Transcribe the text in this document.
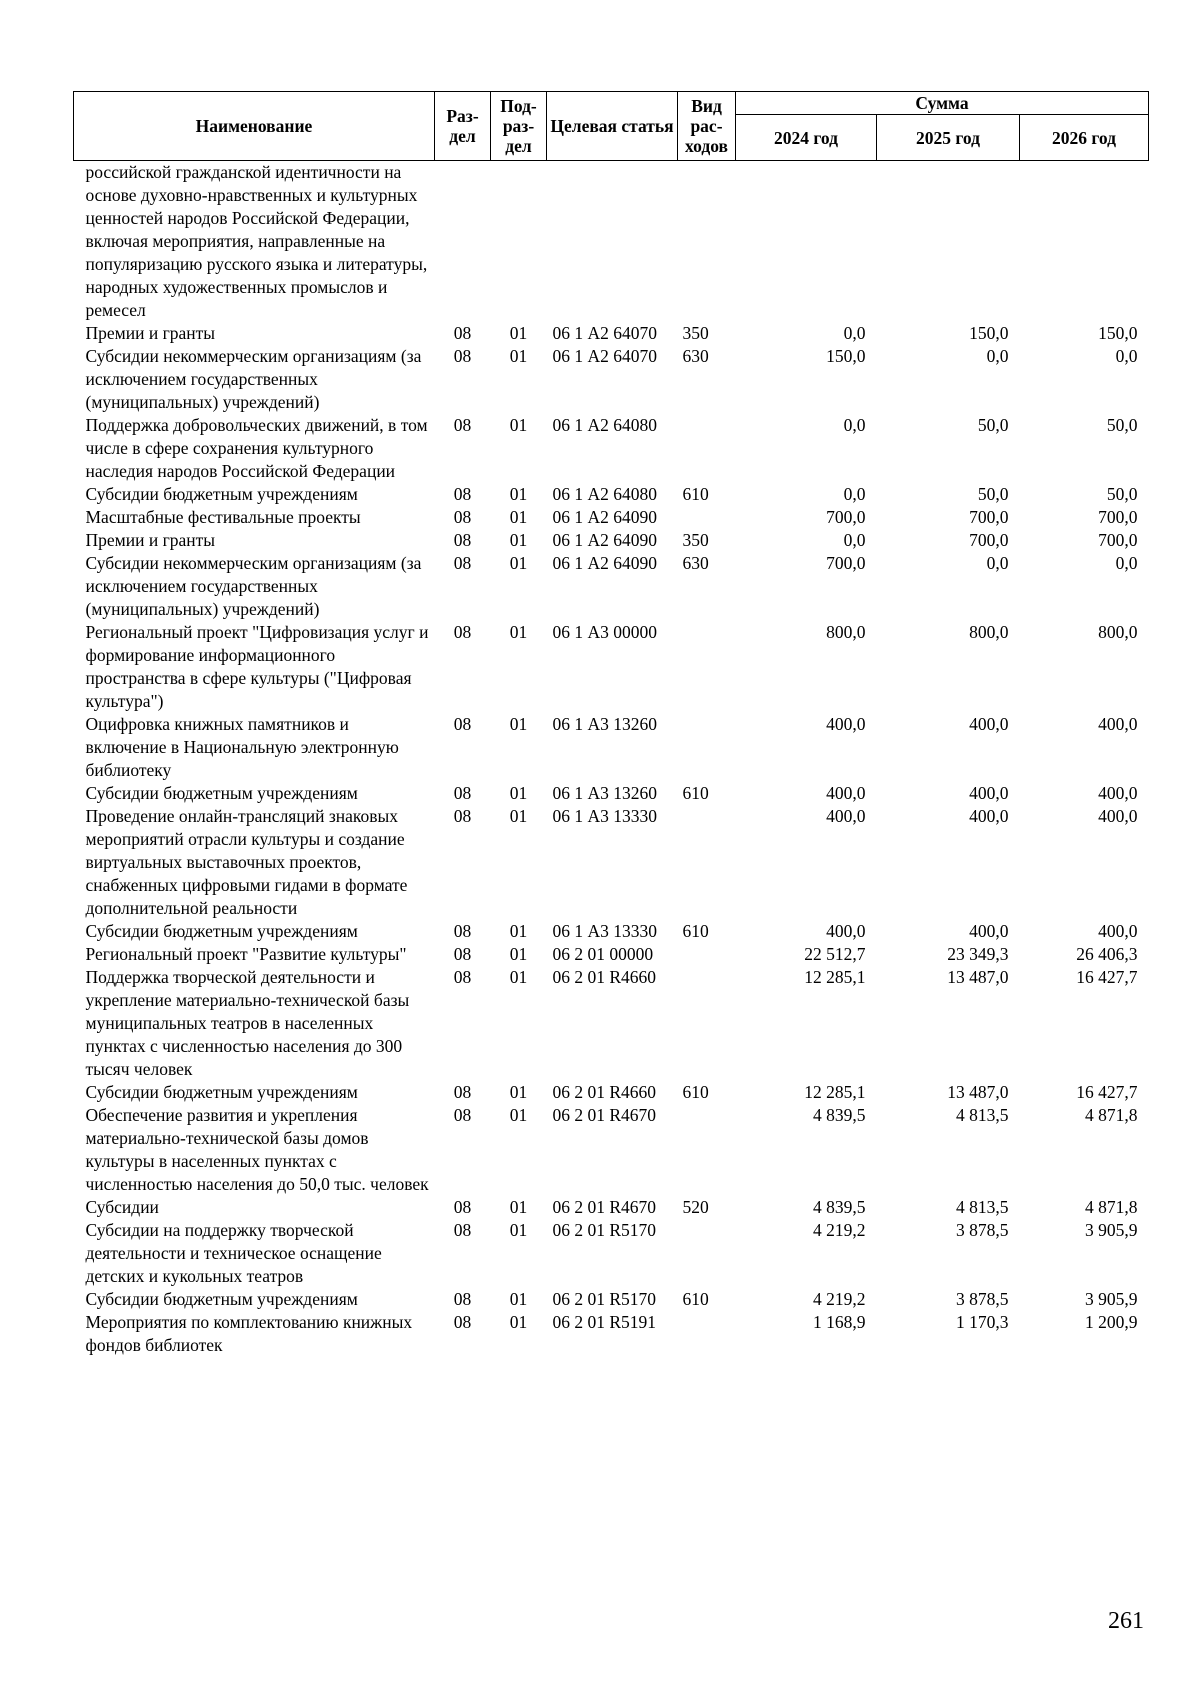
Наименование	Раз- дел	Под- раз- дел	Целевая статья	Вид рас- ходов	Сумма		
					2024 год	2025 год	2026 год
российской гражданской идентичности на основе духовно-нравственных и культурных ценностей народов Российской Федерации, включая мероприятия, направленные на популяризацию русского языка и литературы, народных художественных промыслов и ремесел							
Премии и гранты	08	01	06 1 А2 64070	350	0,0	150,0	150,0
Субсидии некоммерческим организациям (за исключением государственных (муниципальных) учреждений)	08	01	06 1 А2 64070	630	150,0	0,0	0,0
Поддержка добровольческих движений, в том числе в сфере сохранения культурного наследия народов Российской Федерации	08	01	06 1 А2 64080		0,0	50,0	50,0
Субсидии бюджетным учреждениям	08	01	06 1 А2 64080	610	0,0	50,0	50,0
Масштабные фестивальные проекты	08	01	06 1 А2 64090		700,0	700,0	700,0
Премии и гранты	08	01	06 1 А2 64090	350	0,0	700,0	700,0
Субсидии некоммерческим организациям (за исключением государственных (муниципальных) учреждений)	08	01	06 1 А2 64090	630	700,0	0,0	0,0
Региональный проект "Цифровизация услуг и формирование информационного пространства в сфере культуры ("Цифровая культура")	08	01	06 1 А3 00000		800,0	800,0	800,0
Оцифровка книжных памятников и включение в Национальную электронную библиотеку	08	01	06 1 А3 13260		400,0	400,0	400,0
Субсидии бюджетным учреждениям	08	01	06 1 А3 13260	610	400,0	400,0	400,0
Проведение онлайн-трансляций знаковых мероприятий отрасли культуры и создание виртуальных выставочных проектов, снабженных цифровыми гидами в формате дополнительной реальности	08	01	06 1 А3 13330		400,0	400,0	400,0
Субсидии бюджетным учреждениям	08	01	06 1 А3 13330	610	400,0	400,0	400,0
Региональный проект "Развитие культуры"	08	01	06 2 01 00000		22 512,7	23 349,3	26 406,3
Поддержка творческой деятельности и укрепление материально-технической базы муниципальных театров в населенных пунктах с численностью населения до 300 тысяч человек	08	01	06 2 01 R4660		12 285,1	13 487,0	16 427,7
Субсидии бюджетным учреждениям	08	01	06 2 01 R4660	610	12 285,1	13 487,0	16 427,7
Обеспечение развития и укрепления материально-технической базы домов культуры в населенных пунктах с численностью населения до 50,0 тыс. человек	08	01	06 2 01 R4670		4 839,5	4 813,5	4 871,8
Субсидии	08	01	06 2 01 R4670	520	4 839,5	4 813,5	4 871,8
Субсидии на поддержку творческой деятельности и техническое оснащение детских и кукольных театров	08	01	06 2 01 R5170		4 219,2	3 878,5	3 905,9
Субсидии бюджетным учреждениям	08	01	06 2 01 R5170	610	4 219,2	3 878,5	3 905,9
Мероприятия по комплектованию книжных фондов библиотек	08	01	06 2 01 R5191		1 168,9	1 170,3	1 200,9
261
